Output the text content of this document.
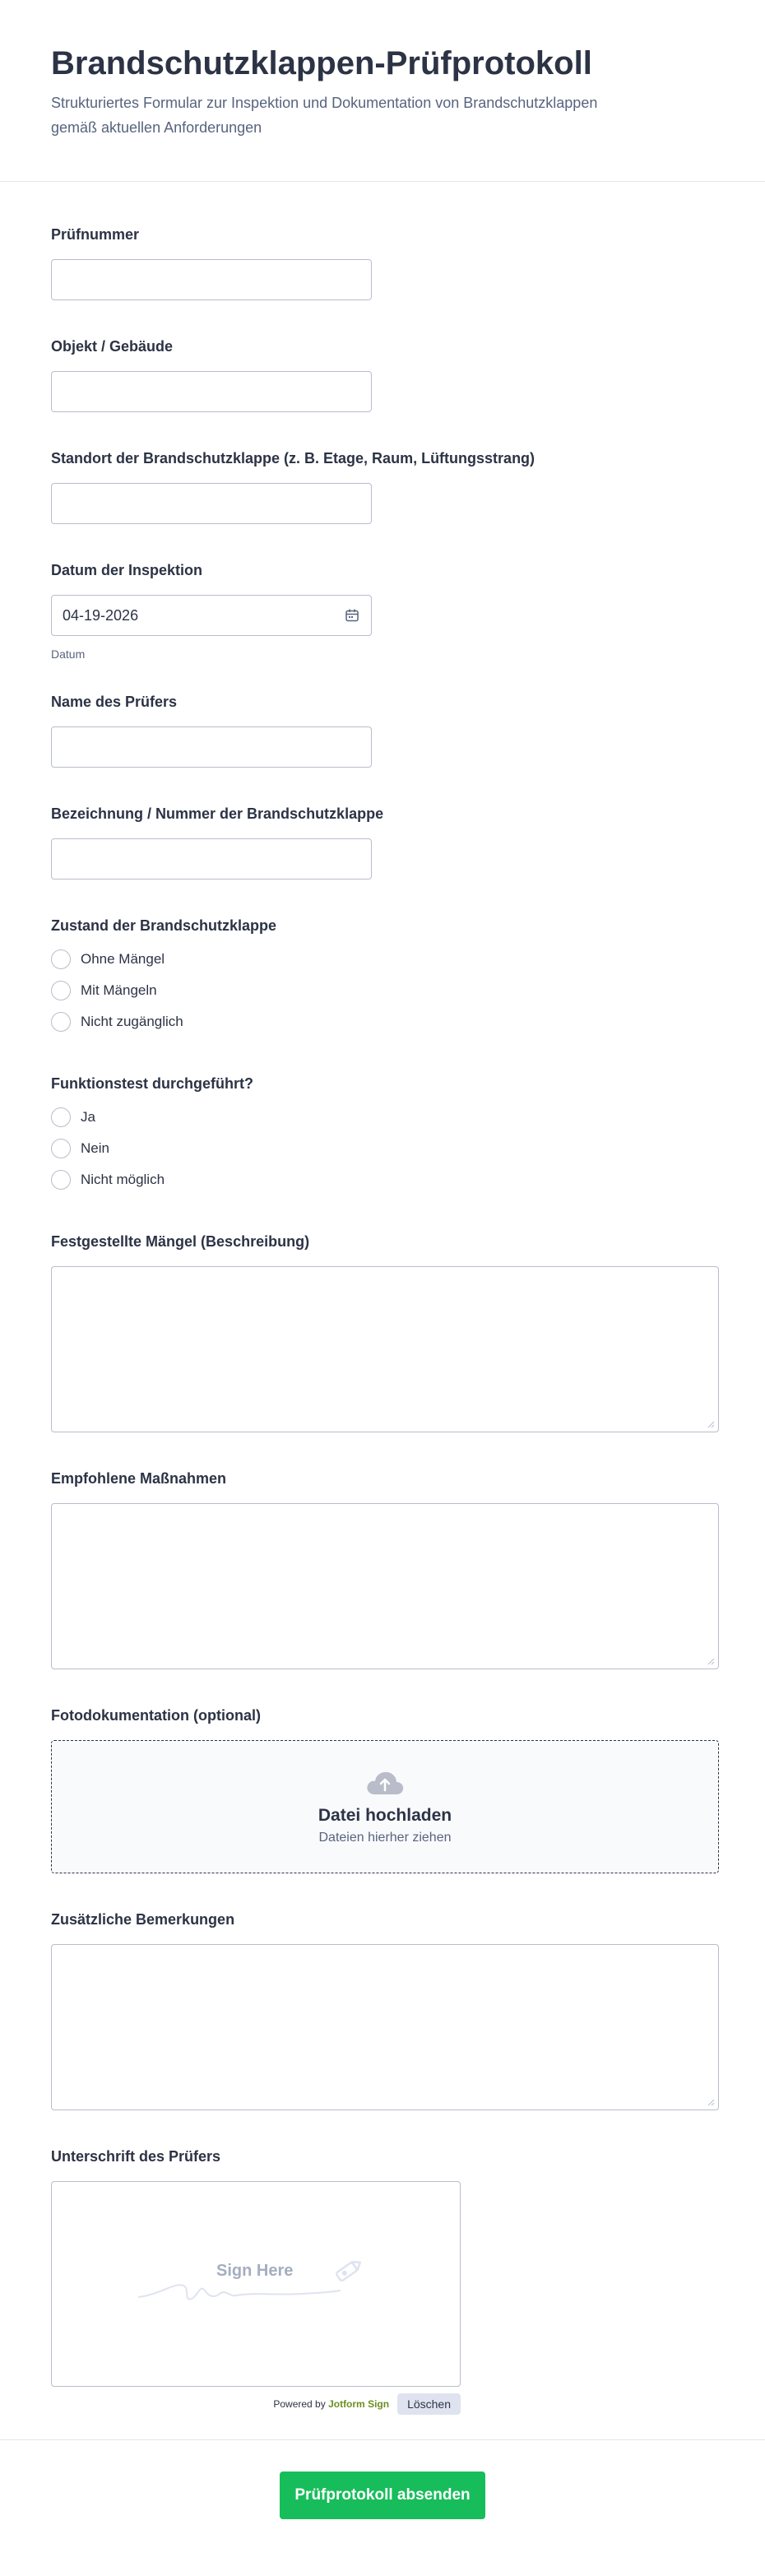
Brandschutzklappen-Prüfprotokoll

Strukturiertes Formular zur Inspektion und Dokumentation von Brandschutzklappen
gemäß aktuellen Anforderungen

Prüfnummer
Objekt / Gebäude
Standort der Brandschutzklappe (z. B. Etage, Raum, Lüftungsstrang)
Datum der Inspektion
04-19-2026
Datum
Name des Prüfers
Bezeichnung / Nummer der Brandschutzklappe
Zustand der Brandschutzklappe
Ohne Mängel
Mit Mängeln
Nicht zugänglich
Funktionstest durchgeführt?
Ja
Nein
Nicht möglich
Festgestellte Mängel (Beschreibung)
Empfohlene Maßnahmen
Fotodokumentation (optional)
Datei hochladen
Dateien hierher ziehen
Zusätzliche Bemerkungen
Unterschrift des Prüfers
Sign Here
Powered by Jotform Sign	Löschen
Prüfprotokoll absenden
